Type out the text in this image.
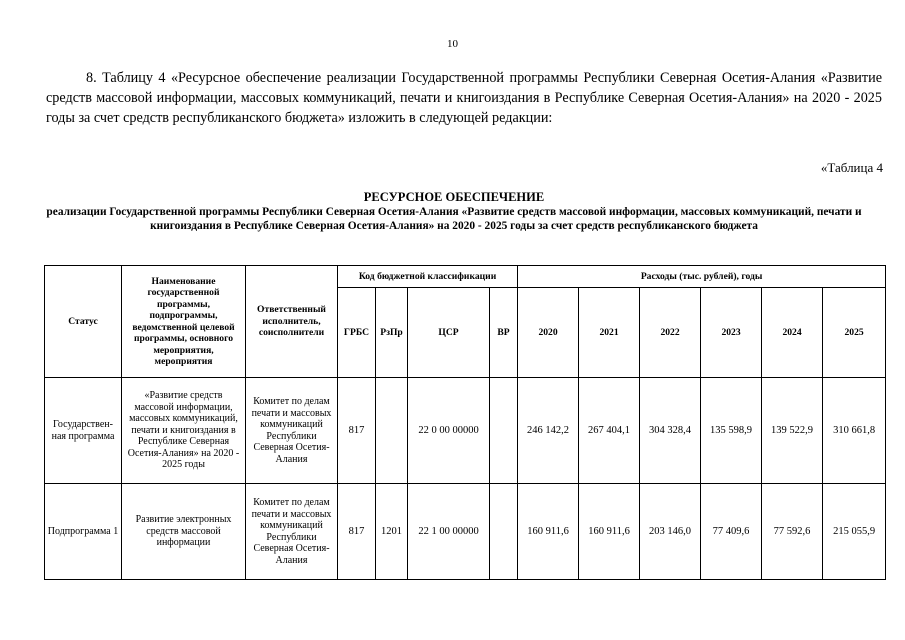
10
8. Таблицу 4 «Ресурсное обеспечение реализации Государственной программы Республики Северная Осетия-Алания «Развитие средств массовой информации, массовых коммуникаций, печати и книгоиздания в Республике Северная Осетия-Алания» на 2020 - 2025 годы за счет средств республиканского бюджета» изложить в следующей редакции:
«Таблица 4
РЕСУРСНОЕ ОБЕСПЕЧЕНИЕ
реализации Государственной программы Республики Северная Осетия-Алания «Развитие средств массовой информации, массовых коммуникаций, печати и книгоиздания в Республике Северная Осетия-Алания» на 2020 - 2025 годы за счет средств республиканского бюджета
Статус	Наименование государственной программы, подпрограммы, ведомственной целевой программы, основного мероприятия, мероприятия	Ответственный исполнитель, соисполнители	Код бюджетной классификации				Расходы (тыс. рублей), годы					
			ГРБС	РзПр	ЦСР	ВР	2020	2021	2022	2023	2024	2025
Государствен-ная программа	«Развитие средств массовой информации, массовых коммуникаций, печати и книгоиздания в Республике Северная Осетия-Алания» на 2020 - 2025 годы	Комитет по делам печати и массовых коммуникаций Республики Северная Осетия-Алания	817		22 0 00 00000		246 142,2	267 404,1	304 328,4	135 598,9	139 522,9	310 661,8
Подпрограмма 1	Развитие электронных средств массовой информации	Комитет по делам печати и массовых коммуникаций Республики Северная Осетия-Алания	817	1201	22 1 00 00000		160 911,6	160 911,6	203 146,0	77 409,6	77 592,6	215 055,9
